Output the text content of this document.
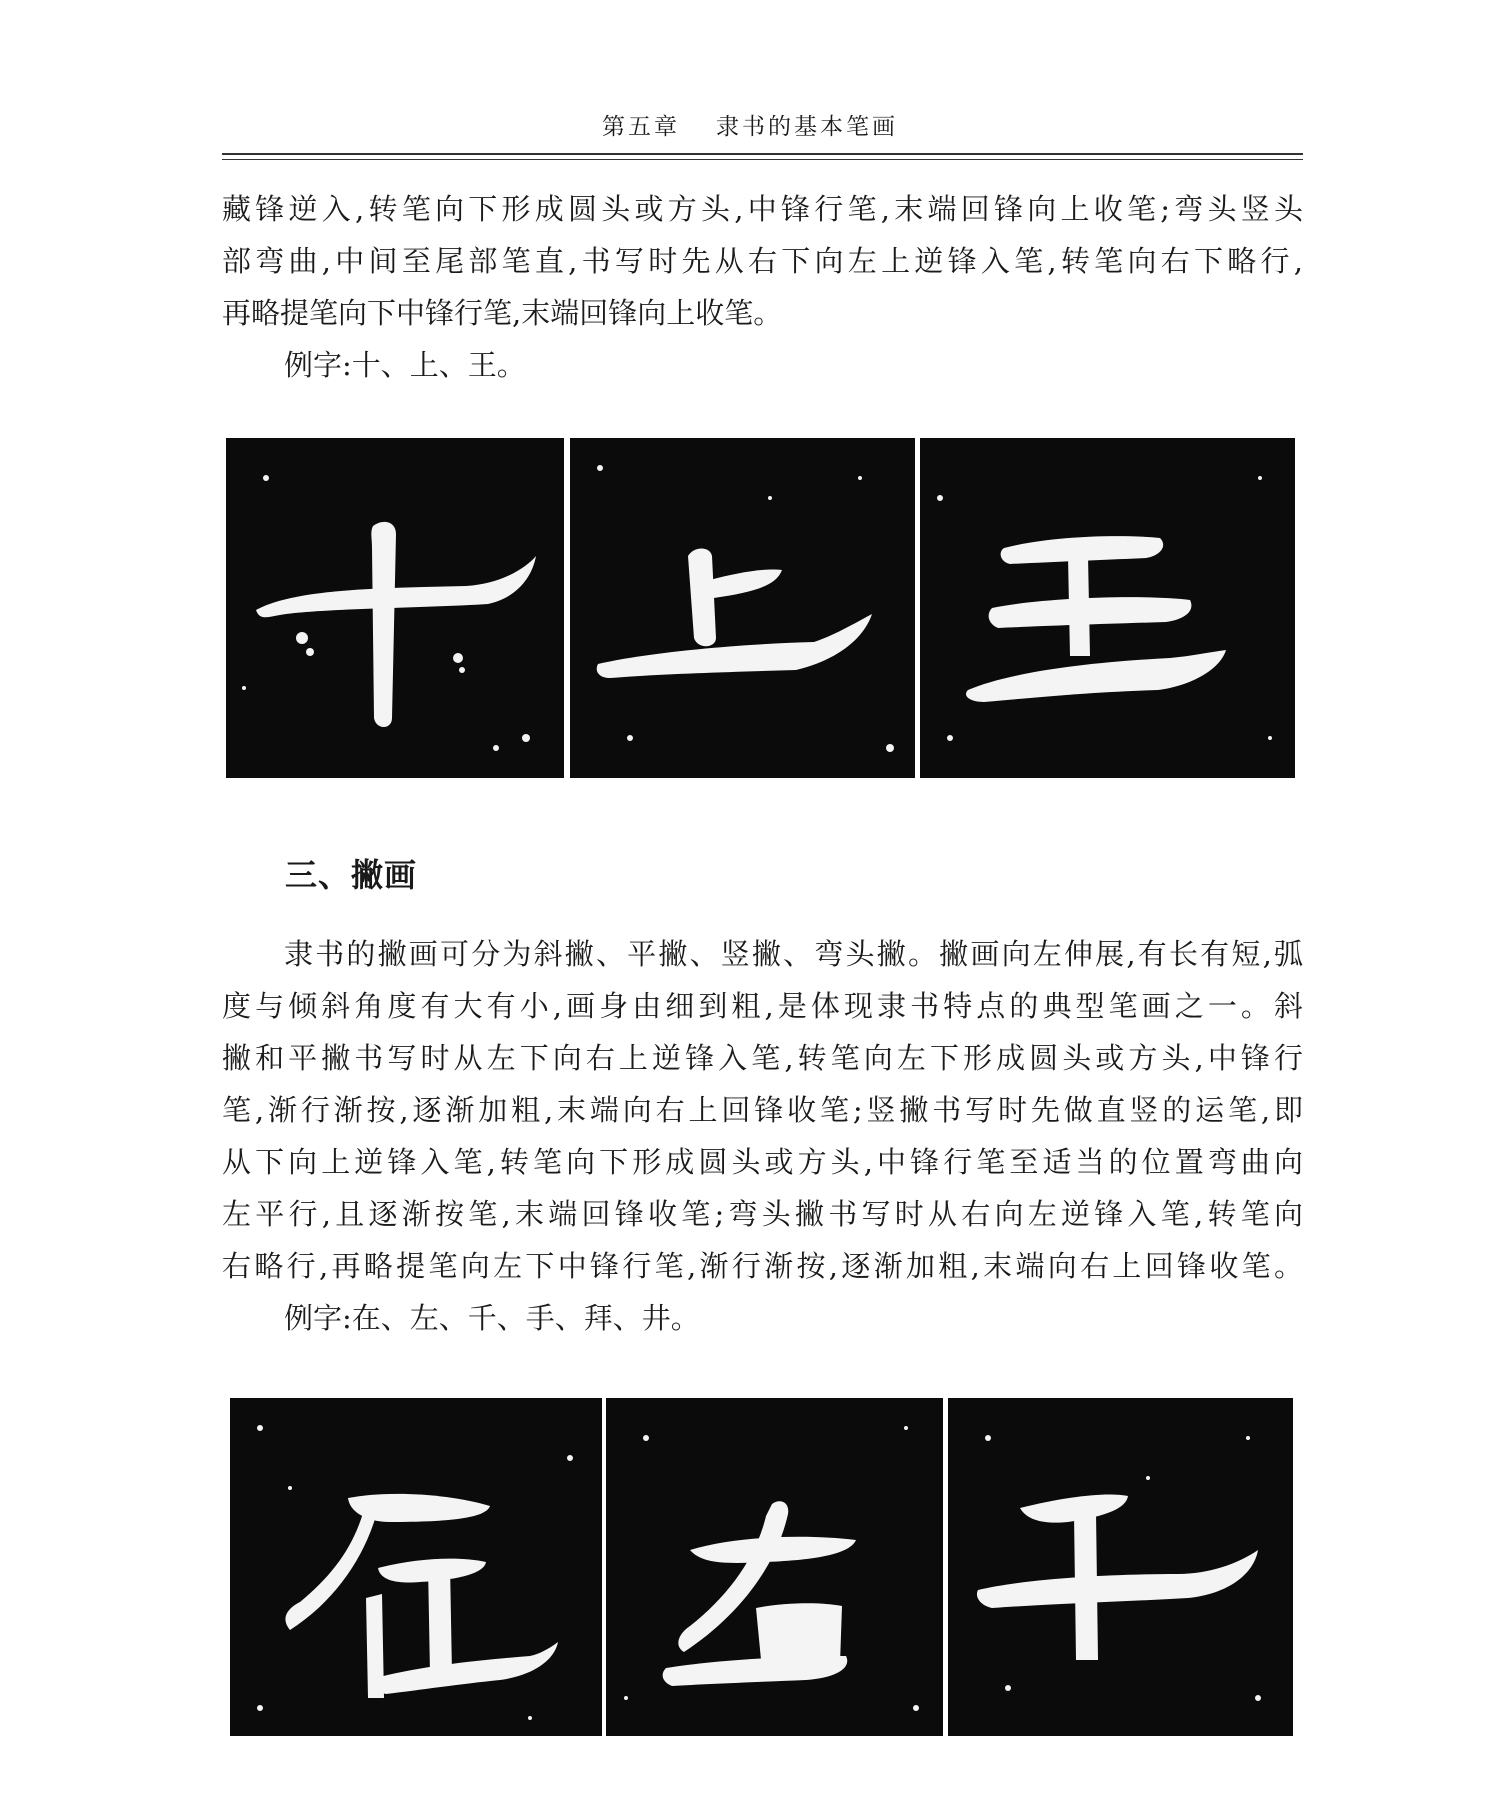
第五章 隶书的基本笔画
藏锋逆入,转笔向下形成圆头或方头,中锋行笔,末端回锋向上收笔;弯头竖头
部弯曲,中间至尾部笔直,书写时先从右下向左上逆锋入笔,转笔向右下略行,
再略提笔向下中锋行笔,末端回锋向上收笔。
例字:十、上、王。
三、撇画
隶书的撇画可分为斜撇、平撇、竖撇、弯头撇。撇画向左伸展,有长有短,弧
度与倾斜角度有大有小,画身由细到粗,是体现隶书特点的典型笔画之一。斜
撇和平撇书写时从左下向右上逆锋入笔,转笔向左下形成圆头或方头,中锋行
笔,渐行渐按,逐渐加粗,末端向右上回锋收笔;竖撇书写时先做直竖的运笔,即
从下向上逆锋入笔,转笔向下形成圆头或方头,中锋行笔至适当的位置弯曲向
左平行,且逐渐按笔,末端回锋收笔;弯头撇书写时从右向左逆锋入笔,转笔向
右略行,再略提笔向左下中锋行笔,渐行渐按,逐渐加粗,末端向右上回锋收笔。
例字:在、左、千、手、拜、井。
